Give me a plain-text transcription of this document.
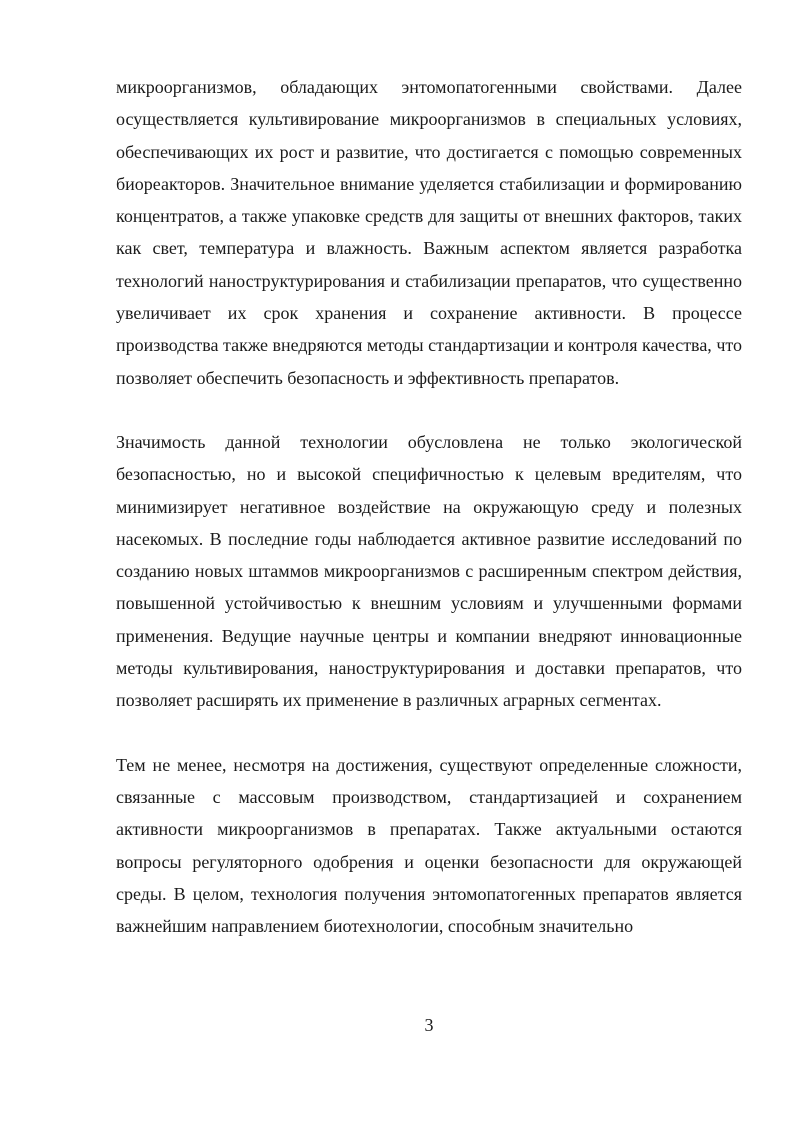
микроорганизмов, обладающих энтомопатогенными свойствами. Далее осуществляется культивирование микроорганизмов в специальных условиях, обеспечивающих их рост и развитие, что достигается с помощью современных биореакторов. Значительное внимание уделяется стабилизации и формированию концентратов, а также упаковке средств для защиты от внешних факторов, таких как свет, температура и влажность. Важным аспектом является разработка технологий наноструктурирования и стабилизации препаратов, что существенно увеличивает их срок хранения и сохранение активности. В процессе производства также внедряются методы стандартизации и контроля качества, что позволяет обеспечить безопасность и эффективность препаратов.

Значимость данной технологии обусловлена не только экологической безопасностью, но и высокой специфичностью к целевым вредителям, что минимизирует негативное воздействие на окружающую среду и полезных насекомых. В последние годы наблюдается активное развитие исследований по созданию новых штаммов микроорганизмов с расширенным спектром действия, повышенной устойчивостью к внешним условиям и улучшенными формами применения. Ведущие научные центры и компании внедряют инновационные методы культивирования, наноструктурирования и доставки препаратов, что позволяет расширять их применение в различных аграрных сегментах.

Тем не менее, несмотря на достижения, существуют определенные сложности, связанные с массовым производством, стандартизацией и сохранением активности микроорганизмов в препаратах. Также актуальными остаются вопросы регуляторного одобрения и оценки безопасности для окружающей среды. В целом, технология получения энтомопатогенных препаратов является важнейшим направлением биотехнологии, способным значительно

3
